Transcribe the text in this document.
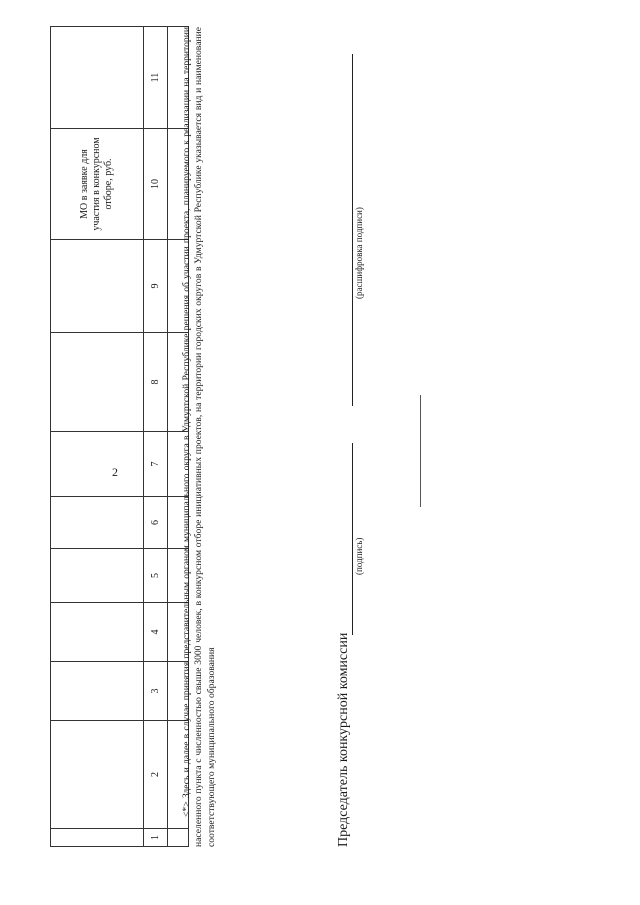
2

									МО в заявке для участия в конкурсном отборе, руб.	

1	2	3	4	5	6	7	8	9	10	11
										<*> Здесь и далее в случае принятия представительным органом муниципального округа в Удмуртской Республике решения об участии проекта, планируемого к реализации на территории населенного пункта с численностью свыше 3000 человек, в конкурсном отборе инициативных проектов, на территории городских округов в Удмуртской Республике указывается вид и наименование соответствующего муниципального образования	Председатель конкурсной комиссии
(подпись)
(расшифровка подписи)
